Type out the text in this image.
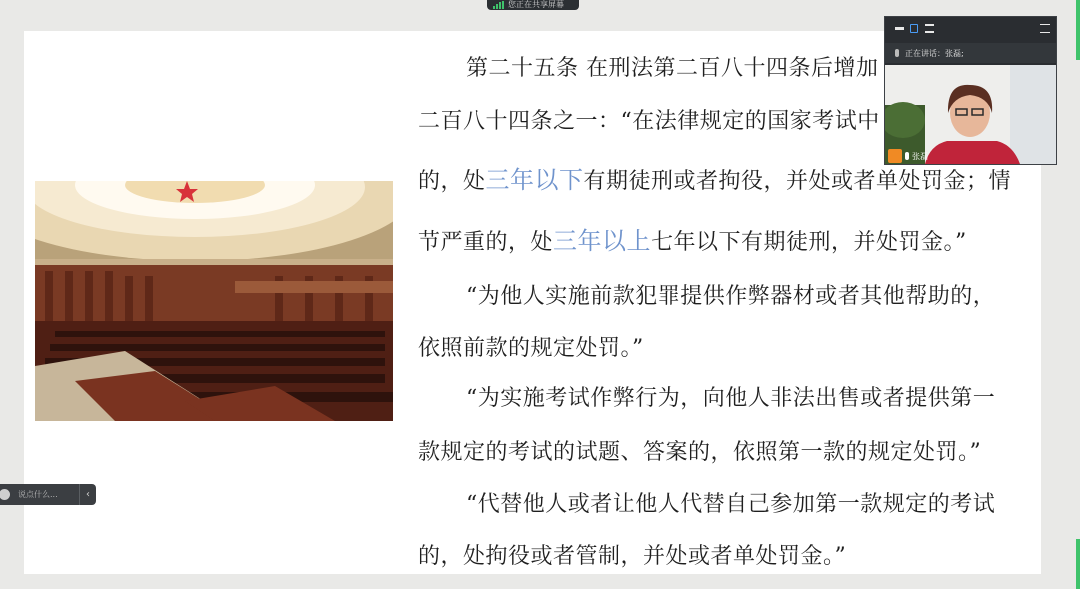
第二十五条 在刑法第二百八十四条后增加

二百八十四条之一：“在法律规定的国家考试中

的，处三年以下有期徒刑或者拘役，并处或者单处罚金；情

节严重的，处三年以上七年以下有期徒刑，并处罚金。”

“为他人实施前款犯罪提供作弊器材或者其他帮助的，

依照前款的规定处罚。”

“为实施考试作弊行为，向他人非法出售或者提供第一

款规定的考试的试题、答案的，依照第一款的规定处罚。”

“代替他人或者让他人代替自己参加第一款规定的考试

的，处拘役或者管制，并处或者单处罚金。”

您正在共享屏幕
正在讲话：张磊;
张磊
说点什么...	‹
